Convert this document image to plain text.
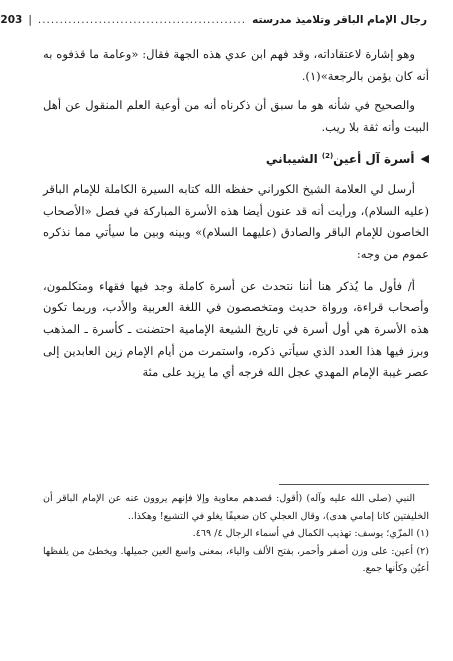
رجال الإمام الباقر وتلاميذ مدرسته
................................................
|
203

وهو إشارة لاعتقاداته، وقد فهم ابن عدي هذه الجهة فقال: «وعامة ما قذفوه به أنه كان يؤمن بالرجعة»(١).

والصحيح في شأنه هو ما سبق أن ذكرناه أنه من أوعية العلم المنقول عن أهل البيت وأنه ثقة بلا ريب.

◀
أسرة آل أعين$^{(2)}$ الشيباني

أرسل لي العلامة الشيخ الكوراني حفظه الله كتابه السيرة الكاملة للإمام الباقر (عليه السلام)، ورأيت أنه قد عنون أيضا هذه الأسرة المباركة في فصل «الأصحاب الخاصون للإمام الباقر والصادق (عليهما السلام)» وبينه وبين ما سيأتي مما نذكره عموم من وجه:

أ/ فأول ما يُذكر هنا أننا نتحدث عن أسرة كاملة وجد فيها فقهاء ومتكلمون، وأصحاب قراءة، ورواة حديث ومتخصصون في اللغة العربية والأدب، وربما تكون هذه الأسرة هي أول أسرة في تاريخ الشيعة الإمامية احتضنت ـ كأسرة ـ المذهب وبرز فيها هذا العدد الذي سيأتي ذكره، واستمرت من أيام الإمام زين العابدين إلى عصر غيبة الإمام المهدي عجل الله فرجه أي ما يزيد على مئة

النبي (صلى الله عليه وآله) (أقول: قصدهم معاوية وإلا فإنهم يروون عنه عن الإمام الباقر أن الخليفتين كانا إمامي هدى)، وقال العجلي كان ضعيفًا يغلو في التشيع! وهكذا..

(١) المزّي؛ يوسف: تهذيب الكمال في أسماء الرجال ٤/ ٤٦٩.

(٢) أعين: على وزن أصفر وأحمر، بفتح الألف والياء، بمعنى واسع العين جميلها. ويخطئ من يلفظها أعيُن وكأنها جمع.
